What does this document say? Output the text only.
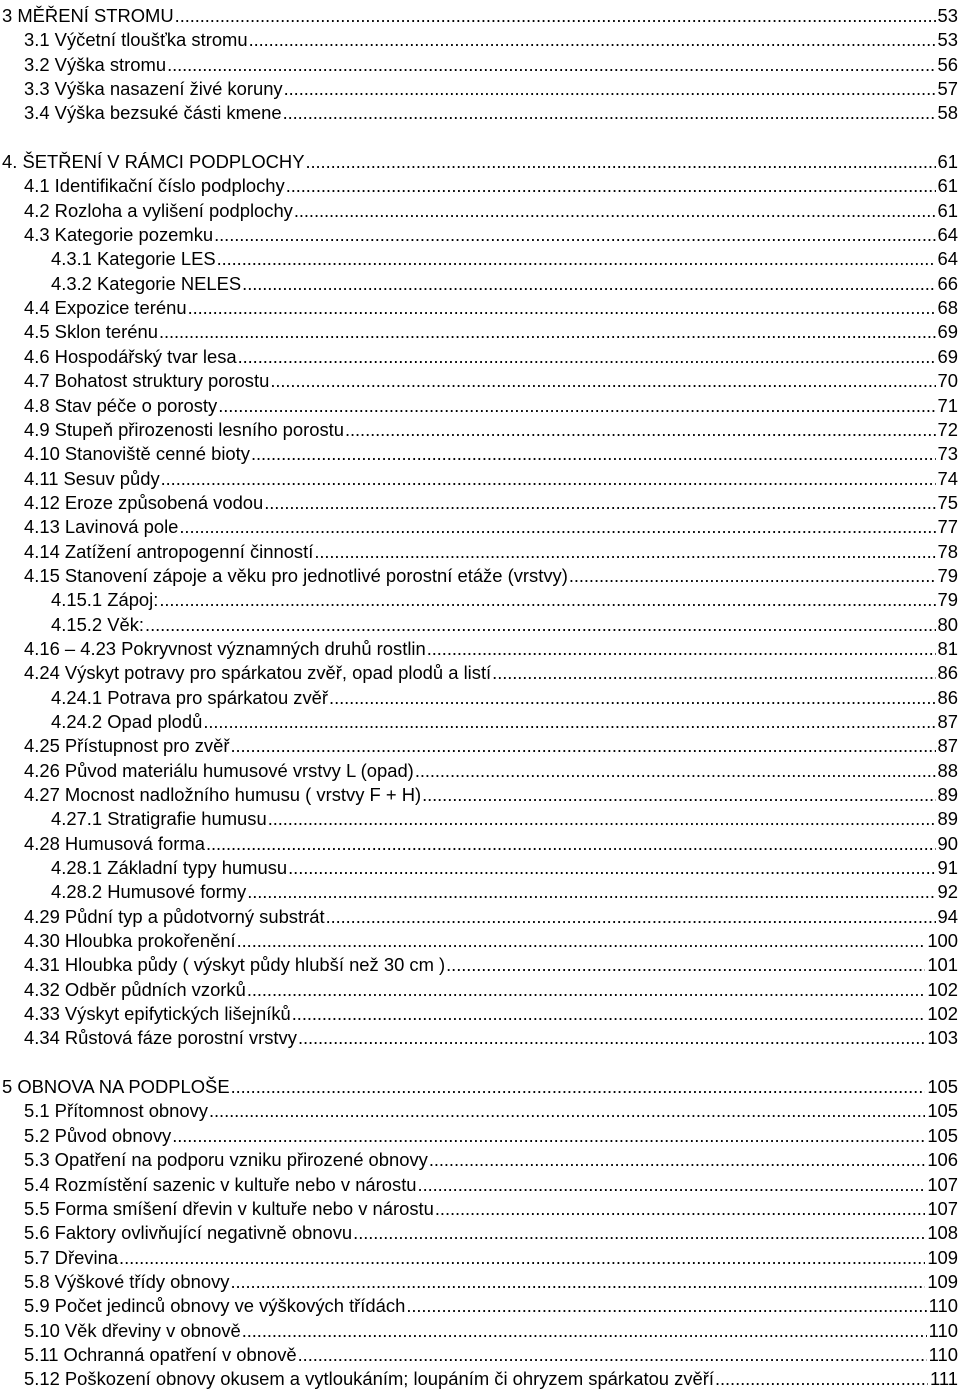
3 MĚŘENÍ STROMU . . .	53
3.1 Výčetní tloušťka stromu . . .	53
3.2 Výška stromu . . .	56
3.3 Výška nasazení živé koruny . . .	57
3.4 Výška bezsuké části kmene . . .	58
4. ŠETŘENÍ V RÁMCI PODPLOCHY . . .	61
4.1 Identifikační číslo podplochy . . .	61
4.2 Rozloha a vylišení podplochy . . .	61
4.3 Kategorie pozemku . . .	64
4.3.1 Kategorie LES . . .	64
4.3.2 Kategorie NELES . . .	66
4.4 Expozice terénu . . .	68
4.5 Sklon terénu . . .	69
4.6 Hospodářský tvar lesa . . .	69
4.7 Bohatost struktury porostu . . .	70
4.8 Stav péče o porosty . . .	71
4.9 Stupeň přirozenosti lesního porostu . . .	72
4.10 Stanoviště cenné bioty . . .	73
4.11 Sesuv půdy . . .	74
4.12 Eroze způsobená vodou . . .	75
4.13 Lavinová pole . . .	77
4.14 Zatížení antropogenní činností . . .	78
4.15 Stanovení zápoje a věku pro jednotlivé porostní etáže (vrstvy) . . .	79
4.15.1 Zápoj: . . .	79
4.15.2 Věk: . . .	80
4.16 – 4.23 Pokryvnost významných druhů rostlin . . .	81
4.24 Výskyt potravy pro spárkatou zvěř, opad plodů a listí . . .	86
4.24.1 Potrava pro spárkatou zvěř . . .	86
4.24.2 Opad plodů . . .	87
4.25 Přístupnost pro zvěř . . .	87
4.26 Původ materiálu humusové vrstvy L (opad) . . .	88
4.27 Mocnost nadložního humusu ( vrstvy F + H) . . .	89
4.27.1 Stratigrafie humusu . . .	89
4.28 Humusová forma . . .	90
4.28.1 Základní typy humusu . . .	91
4.28.2 Humusové formy . . .	92
4.29 Půdní typ a půdotvorný substrát . . .	94
4.30 Hloubka prokořenění . . .	100
4.31 Hloubka půdy ( výskyt půdy hlubší než 30 cm ) . . .	101
4.32 Odběr půdních vzorků . . .	102
4.33 Výskyt epifytických lišejníků . . .	102
4.34 Růstová fáze porostní vrstvy . . .	103
5 OBNOVA NA PODPLOŠE . . .	105
5.1 Přítomnost obnovy . . .	105
5.2 Původ obnovy . . .	105
5.3 Opatření na podporu vzniku přirozené obnovy . . .	106
5.4 Rozmístění sazenic v kultuře nebo v nárostu . . .	107
5.5 Forma smíšení dřevin v kultuře nebo v nárostu . . .	107
5.6 Faktory ovlivňující negativně obnovu . . .	108
5.7 Dřevina . . .	109
5.8 Výškové třídy obnovy . . .	109
5.9 Počet jedinců obnovy ve výškových třídách . . .	110
5.10 Věk dřeviny v obnově . . .	110
5.11 Ochranná opatření v obnově . . .	110
5.12 Poškození obnovy okusem a vytloukáním; loupáním či ohryzem spárkatou zvěří . . .	111
